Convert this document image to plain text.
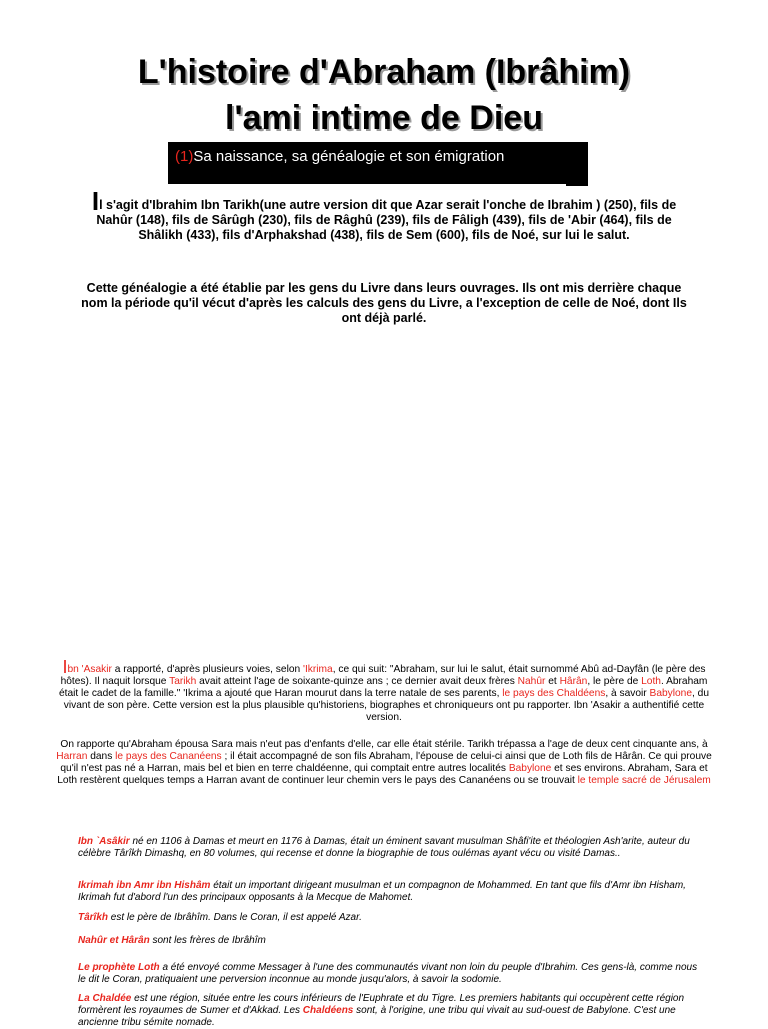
L'histoire d'Abraham (Ibrâhim)
l'ami intime de Dieu
(1)Sa naissance, sa généalogie et son émigration
Il s'agit d'Ibrahim Ibn Tarikh(une autre version dit que Azar serait l'onche de Ibrahim ) (250), fils de Nahûr (148), fils de Sârûgh (230), fils de Râghû (239), fils de Fâligh (439), fils de 'Abir (464), fils de Shâlikh (433), fils d'Arphakshad (438), fils de Sem (600), fils de Noé, sur lui le salut.
Cette généalogie a été établie par les gens du Livre dans leurs ouvrages. Ils ont mis derrière chaque nom la période qu'il vécut d'après les calculs des gens du Livre, a l'exception de celle de Noé, dont Ils ont déjà parlé.
Ibn 'Asakir a rapporté, d'après plusieurs voies, selon 'Ikrima, ce qui suit: "Abraham, sur lui le salut, était surnommé Abû ad-Dayfân (le père des hôtes). Il naquit lorsque Tarikh avait atteint l'age de soixante-quinze ans ; ce dernier avait deux frères Nahûr et Hârân, le père de Loth. Abraham était le cadet de la famille." 'Ikrima a ajouté que Haran mourut dans la terre natale de ses parents, le pays des Chaldéens, à savoir Babylone, du vivant de son père. Cette version est la plus plausible qu'historiens, biographes et chroniqueurs ont pu rapporter. Ibn 'Asakir a authentifié cette version.
On rapporte qu'Abraham épousa Sara mais n'eut pas d'enfants d'elle, car elle était stérile. Tarikh trépassa a l'age de deux cent cinquante ans, à Harran dans le pays des Cananéens ; il était accompagné de son fils Abraham, l'épouse de celui-ci ainsi que de Loth fils de Hârân. Ce qui prouve qu'il n'est pas né a Harran, mais bel et bien en terre chaldéenne, qui comptait entre autres localités Babylone et ses environs. Abraham, Sara et Loth restèrent quelques temps a Harran avant de continuer leur chemin vers le pays des Cananéens ou se trouvait le temple sacré de Jérusalem
Ibn `Asâkir né en 1106 à Damas et meurt en 1176 à Damas, était un éminent savant musulman Shâfi'ite et théologien Ash'arite, auteur du célèbre Târîkh Dimashq, en 80 volumes, qui recense et donne la biographie de tous oulémas ayant vécu ou visité Damas..
Ikrimah ibn Amr ibn Hishâm était un important dirigeant musulman et un compagnon de Mohammed. En tant que fils d'Amr ibn Hisham, Ikrimah fut d'abord l'un des principaux opposants à la Mecque de Mahomet.
Târîkh est le père de Ibrâhîm. Dans le Coran, il est appelé Azar.
Nahûr et Hârân sont les frères de Ibrâhîm
Le prophète Loth a été envoyé comme Messager à l'une des communautés vivant non loin du peuple d'Ibrahim. Ces gens-là, comme nous le dit le Coran, pratiquaient une perversion inconnue au monde jusqu'alors, à savoir la sodomie.
La Chaldée est une région, située entre les cours inférieurs de l'Euphrate et du Tigre. Les premiers habitants qui occupèrent cette région formèrent les royaumes de Sumer et d'Akkad. Les Chaldéens sont, à l'origine, une tribu qui vivait au sud-ouest de Babylone. C'est une ancienne tribu sémite nomade.
